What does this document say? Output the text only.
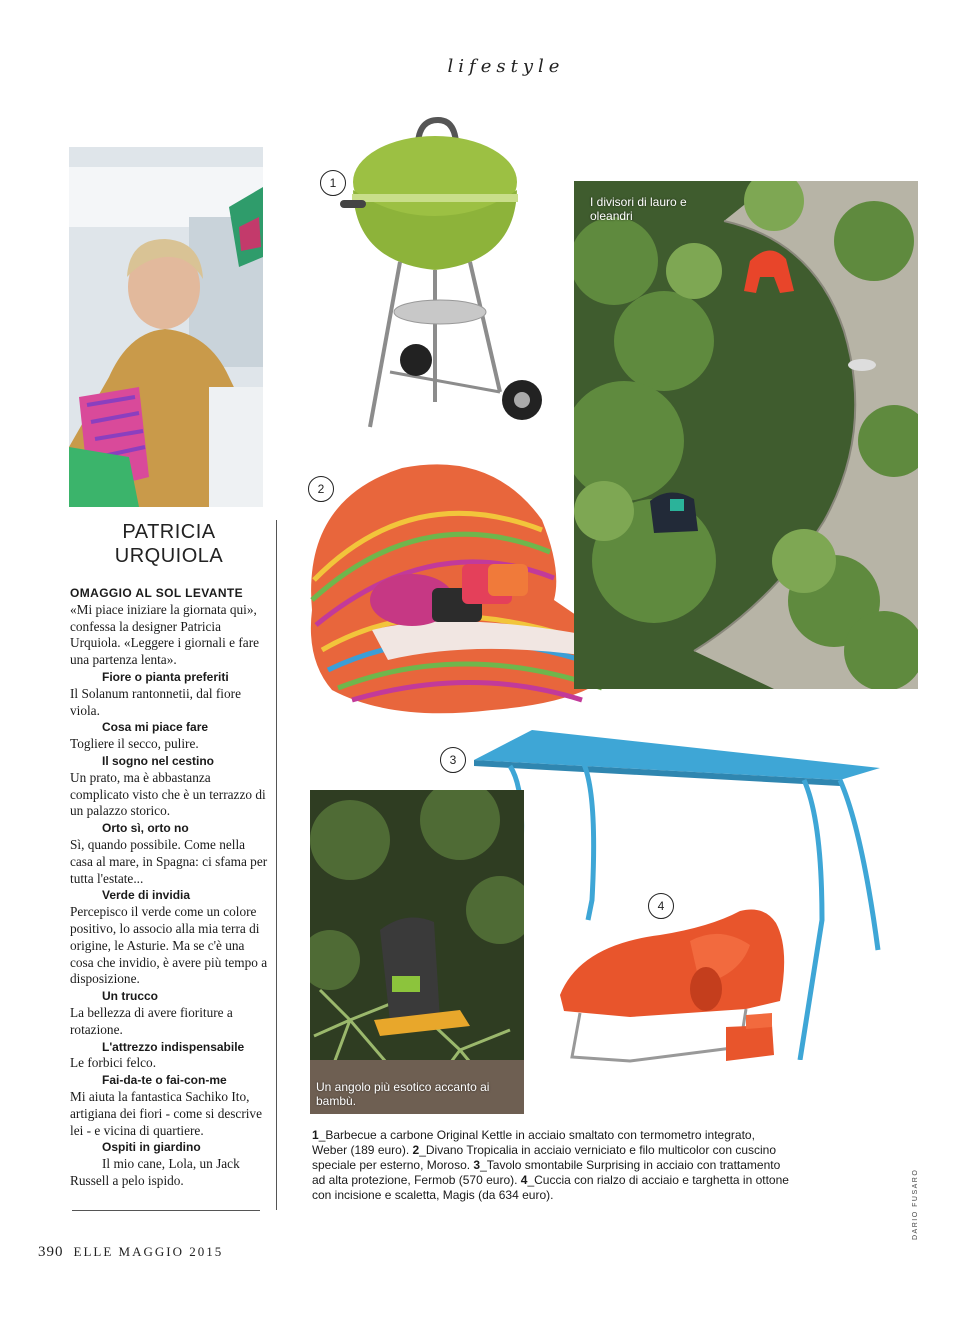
lifestyle
PATRICIA
URQUIOLA
OMAGGIO AL SOL LEVANTE
«Mi piace iniziare la giornata qui», confessa la designer Patricia Urquiola. «Leggere i giornali e fare una partenza lenta».
Fiore o pianta preferiti
Il Solanum rantonnetii, dal fiore viola.
Cosa mi piace fare
Togliere il secco, pulire.
Il sogno nel cestino
Un prato, ma è abbastanza complicato visto che è un terrazzo di un palazzo storico.
Orto sì, orto no
Sì, quando possibile. Come nella casa al mare, in Spagna: ci sfama per tutta l'estate...
Verde di invidia
Percepisco il verde come un colore positivo, lo associo alla mia terra di origine, le Asturie. Ma se c'è una cosa che invidio, è avere più tempo a disposizione.
Un trucco
La bellezza di avere fioriture a rotazione.
L'attrezzo indispensabile
Le forbici felco.
Fai-da-te o fai-con-me
Mi aiuta la fantastica Sachiko Ito, artigiana dei fiori - come si descrive lei - e vicina di quartiere.
Ospiti in giardino
Il mio cane, Lola, un Jack Russell a pelo ispido.
1
2
I divisori di lauro e oleandri
3
Un angolo più esotico accanto ai bambù.
4
1_Barbecue a carbone Original Kettle in acciaio smaltato con termometro integrato, Weber (189 euro). 2_Divano Tropicalia in acciaio verniciato e filo multicolor con cuscino speciale per esterno, Moroso. 3_Tavolo smontabile Surprising in acciaio con trattamento ad alta protezione, Fermob (570 euro). 4_Cuccia con rialzo di acciaio e targhetta in ottone con incisione e scaletta, Magis (da 634 euro).	DARIO FUSARO
390 ELLE MAGGIO 2015
